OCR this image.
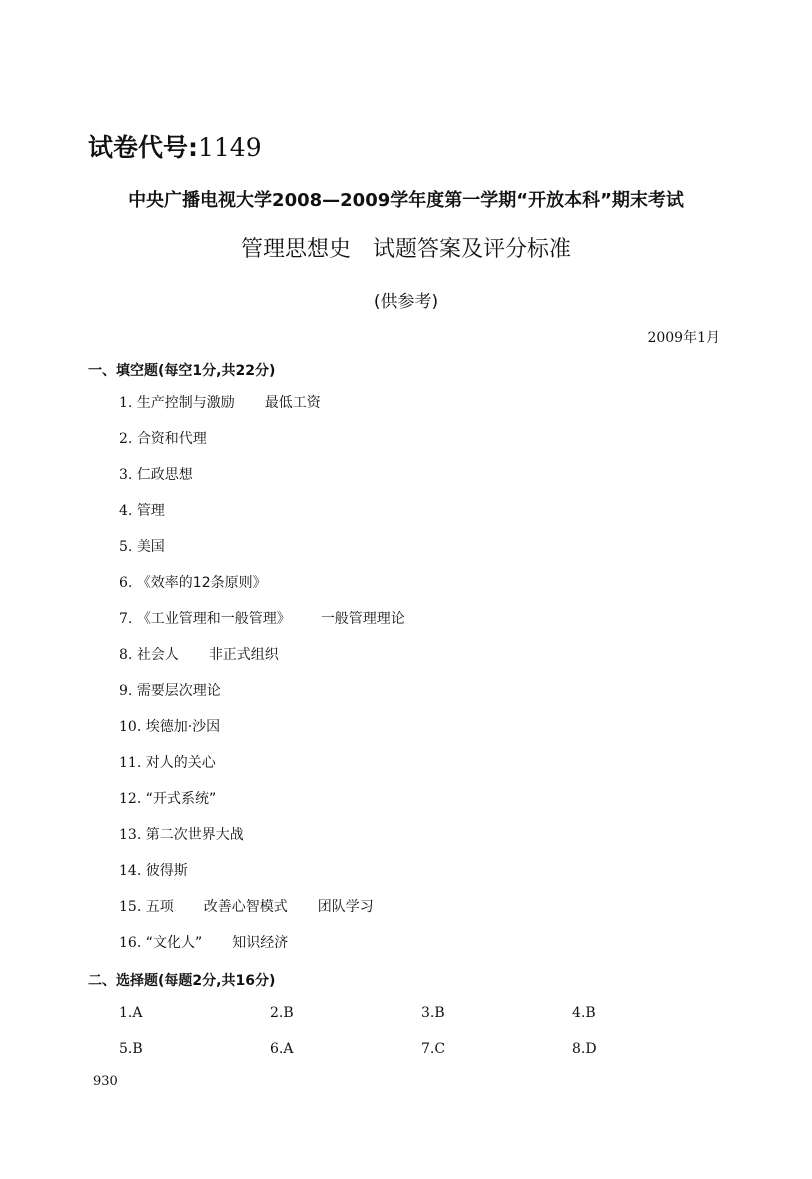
试卷代号:1149
中央广播电视大学2008—2009学年度第一学期“开放本科”期末考试
管理思想史　试题答案及评分标准
(供参考)
2009年1月
一、填空题(每空1分,共22分)
1. 生产控制与激励 最低工资
2. 合资和代理
3. 仁政思想
4. 管理
5. 美国
6. 《效率的12条原则》
7. 《工业管理和一般管理》 一般管理理论
8. 社会人 非正式组织
9. 需要层次理论
10. 埃德加·沙因
11. 对人的关心
12. “开式系统”
13. 第二次世界大战
14. 彼得斯
15. 五项 改善心智模式 团队学习
16. “文化人” 知识经济
二、选择题(每题2分,共16分)
1.A	2.B	3.B	4.B
5.B	6.A	7.C	8.D
930
